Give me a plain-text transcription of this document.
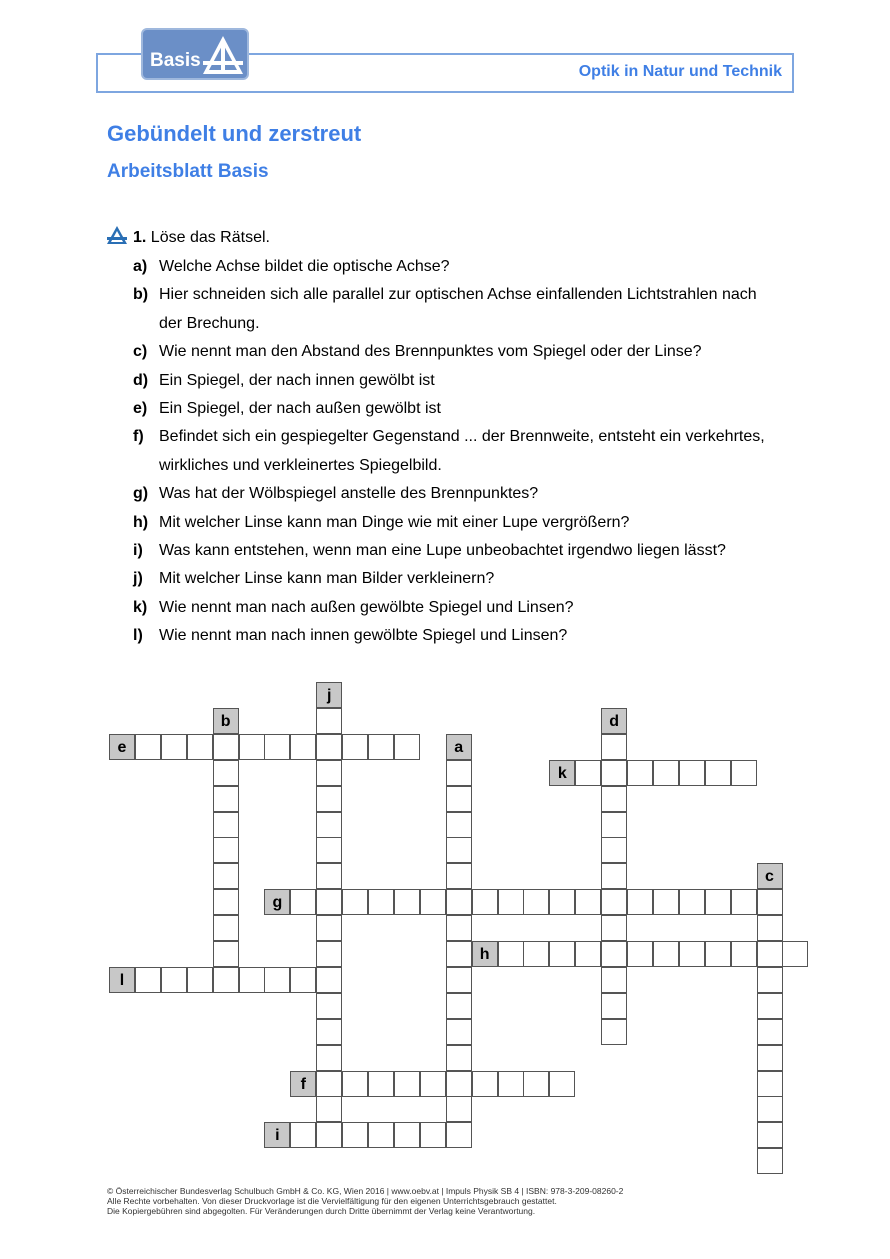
Basis
Optik in Natur und Technik
Gebündelt und zerstreut
Arbeitsblatt Basis
1. Löse das Rätsel.
a) Welche Achse bildet die optische Achse?
b) Hier schneiden sich alle parallel zur optischen Achse einfallenden Lichtstrahlen nach
der Brechung.
c) Wie nennt man den Abstand des Brennpunktes vom Spiegel oder der Linse?
d) Ein Spiegel, der nach innen gewölbt ist
e) Ein Spiegel, der nach außen gewölbt ist
f) Befindet sich ein gespiegelter Gegenstand ... der Brennweite, entsteht ein verkehrtes,
wirkliches und verkleinertes Spiegelbild.
g) Was hat der Wölbspiegel anstelle des Brennpunktes?
h) Mit welcher Linse kann man Dinge wie mit einer Lupe vergrößern?
i)	Was kann entstehen, wenn man eine Lupe unbeobachtet irgendwo liegen lässt?
j)	Mit welcher Linse kann man Bilder verkleinern?
k) Wie nennt man nach außen gewölbte Spiegel und Linsen?
l)	Wie nennt man nach innen gewölbte Spiegel und Linsen?
e
b
j
a
d
k
c
g
h
l
f
i
© Österreichischer Bundesverlag Schulbuch GmbH & Co. KG, Wien 2016 | www.oebv.at | Impuls Physik SB 4 | ISBN: 978-3-209-08260-2
Alle Rechte vorbehalten. Von dieser Druckvorlage ist die Vervielfältigung für den eigenen Unterrichtsgebrauch gestattet.
Die Kopiergebühren sind abgegolten. Für Veränderungen durch Dritte übernimmt der Verlag keine Verantwortung.
